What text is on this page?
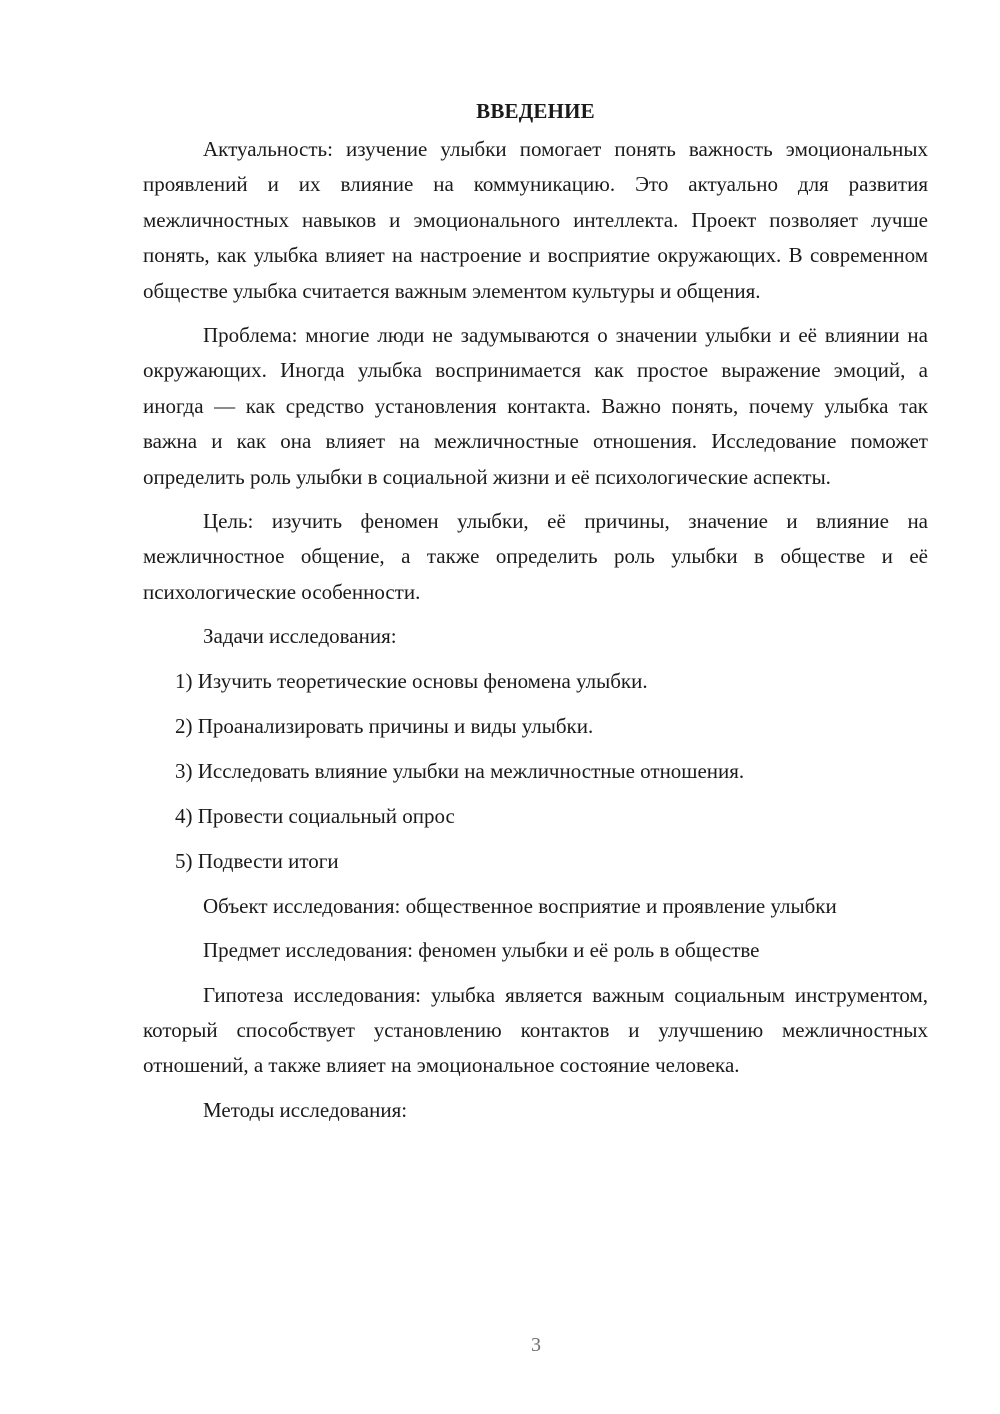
ВВЕДЕНИЕ

Актуальность: изучение улыбки помогает понять важность эмоциональных проявлений и их влияние на коммуникацию. Это актуально для развития межличностных навыков и эмоционального интеллекта. Проект позволяет лучше понять, как улыбка влияет на настроение и восприятие окружающих. В современном обществе улыбка считается важным элементом культуры и общения.

Проблема: многие люди не задумываются о значении улыбки и её влиянии на окружающих. Иногда улыбка воспринимается как простое выражение эмоций, а иногда — как средство установления контакта. Важно понять, почему улыбка так важна и как она влияет на межличностные отношения. Исследование поможет определить роль улыбки в социальной жизни и её психологические аспекты.

Цель: изучить феномен улыбки, её причины, значение и влияние на межличностное общение, а также определить роль улыбки в обществе и её психологические особенности.

Задачи исследования:

1) Изучить теоретические основы феномена улыбки.
2) Проанализировать причины и виды улыбки.
3) Исследовать влияние улыбки на межличностные отношения.
4) Провести социальный опрос
5) Подвести итоги

Объект исследования: общественное восприятие и проявление улыбки

Предмет исследования: феномен улыбки и её роль в обществе

Гипотеза исследования: улыбка является важным социальным инструментом, который способствует установлению контактов и улучшению межличностных отношений, а также влияет на эмоциональное состояние человека.

Методы исследования:

3
